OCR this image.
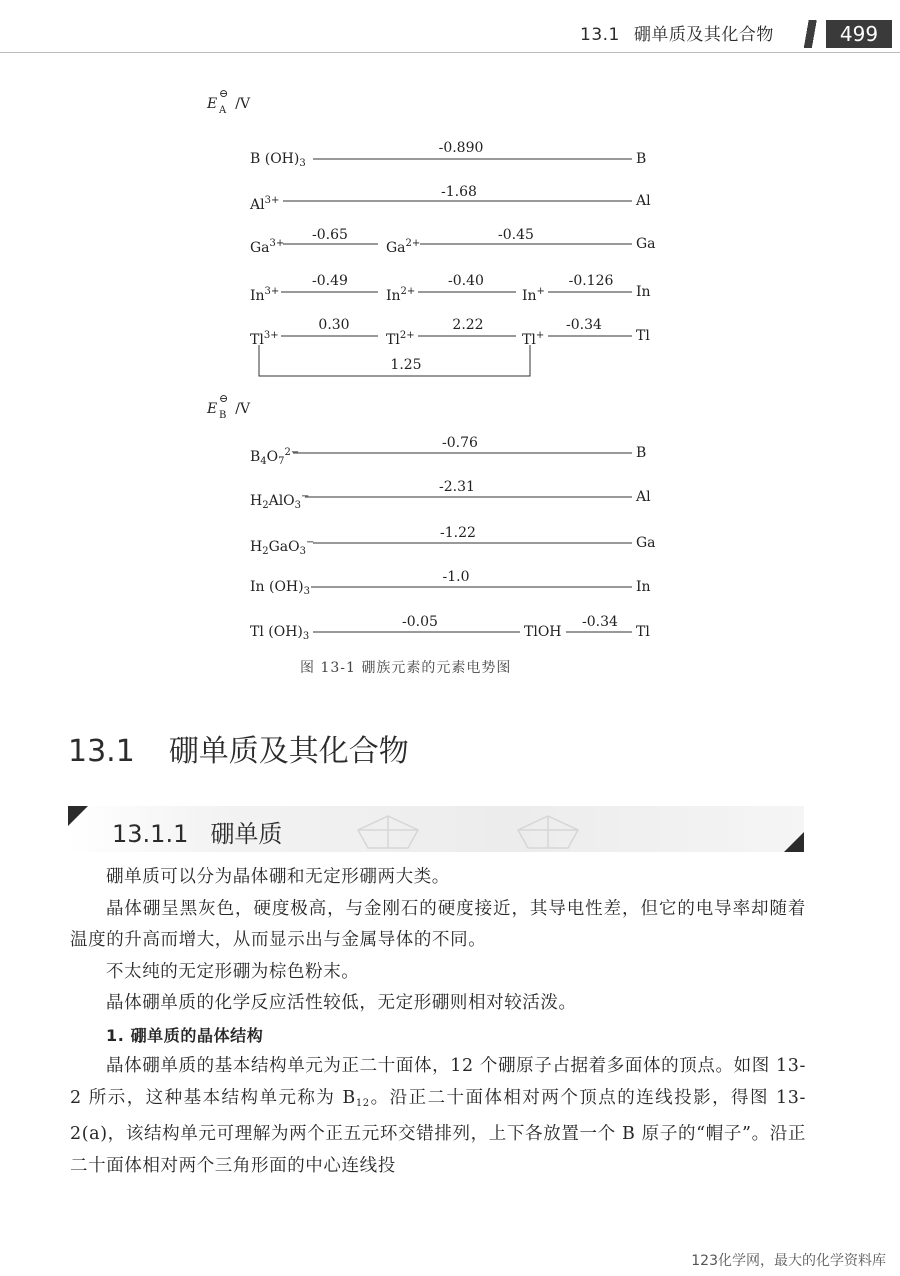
13.1 硼单质及其化合物	499
E
⊖
A /V
B $(OH)_3$
-0.890
B
$Al^{3+}$
-1.68
Al
$Ga^{3+}$
-0.65
$Ga^{2+}$
-0.45
Ga
$In^{3+}$
-0.49
$In^{2+}$
-0.40
In+
-0.126
In
$Tl^{3+}$
0.30
$Tl^{2+}$
2.22
Tl+
-0.34
Tl
1.25
E
⊖
B /V
$B_4O_7^{2-}$
-0.76
B
$H_2AlO_3^-$
-2.31
Al
$H_2GaO_3^-$
-1.22
Ga
In $(OH)_3$
-1.0
In
Tl $(OH)_3$
-0.05
TlOH
-0.34
Tl
图 13-1 硼族元素的元素电势图
13.1 硼单质及其化合物
13.1.1 硼单质

硼单质可以分为晶体硼和无定形硼两大类。

晶体硼呈黑灰色，硬度极高，与金刚石的硬度接近，其导电性差，但它的电导率却随着温度的升高而增大，从而显示出与金属导体的不同。

不太纯的无定形硼为棕色粉末。

晶体硼单质的化学反应活性较低，无定形硼则相对较活泼。

1. 硼单质的晶体结构

晶体硼单质的基本结构单元为正二十面体，12 个硼原子占据着多面体的顶点。如图 13-2 所示，这种基本结构单元称为 $B_{12}$。沿正二十面体相对两个顶点的连线投影，得图 13-2(a)，该结构单元可理解为两个正五元环交错排列，上下各放置一个 B 原子的“帽子”。沿正二十面体相对两个三角形面的中心连线投

123化学网，最大的化学资料库
